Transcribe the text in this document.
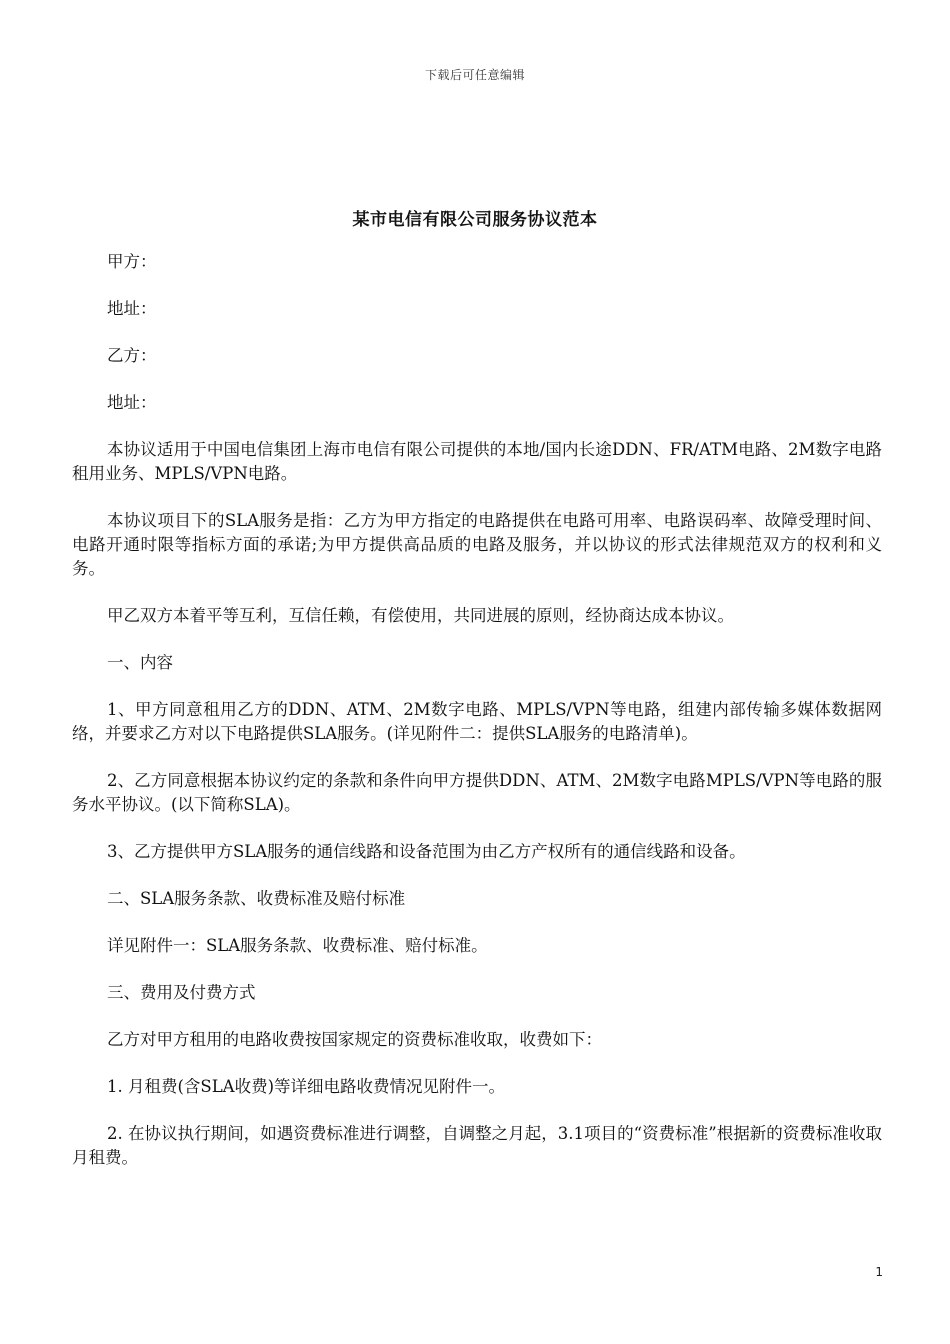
下载后可任意编辑
某市电信有限公司服务协议范本

甲方：

地址：

乙方：

地址：

本协议适用于中国电信集团上海市电信有限公司提供的本地/国内长途DDN、FR/ATM电路、2M数字电路租用业务、MPLS/VPN电路。

本协议项目下的SLA服务是指：乙方为甲方指定的电路提供在电路可用率、电路误码率、故障受理时间、电路开通时限等指标方面的承诺;为甲方提供高品质的电路及服务，并以协议的形式法律规范双方的权利和义务。

甲乙双方本着平等互利，互信任赖，有偿使用，共同进展的原则，经协商达成本协议。

一、内容

1、甲方同意租用乙方的DDN、ATM、2M数字电路、MPLS/VPN等电路，组建内部传输多媒体数据网络，并要求乙方对以下电路提供SLA服务。(详见附件二：提供SLA服务的电路清单)。

2、乙方同意根据本协议约定的条款和条件向甲方提供DDN、ATM、2M数字电路MPLS/VPN等电路的服务水平协议。(以下简称SLA)。

3、乙方提供甲方SLA服务的通信线路和设备范围为由乙方产权所有的通信线路和设备。

二、SLA服务条款、收费标准及赔付标准

详见附件一：SLA服务条款、收费标准、赔付标准。

三、费用及付费方式

乙方对甲方租用的电路收费按国家规定的资费标准收取，收费如下：

1. 月租费(含SLA收费)等详细电路收费情况见附件一。

2. 在协议执行期间，如遇资费标准进行调整，自调整之月起，3.1项目的“资费标准”根据新的资费标准收取月租费。

1
